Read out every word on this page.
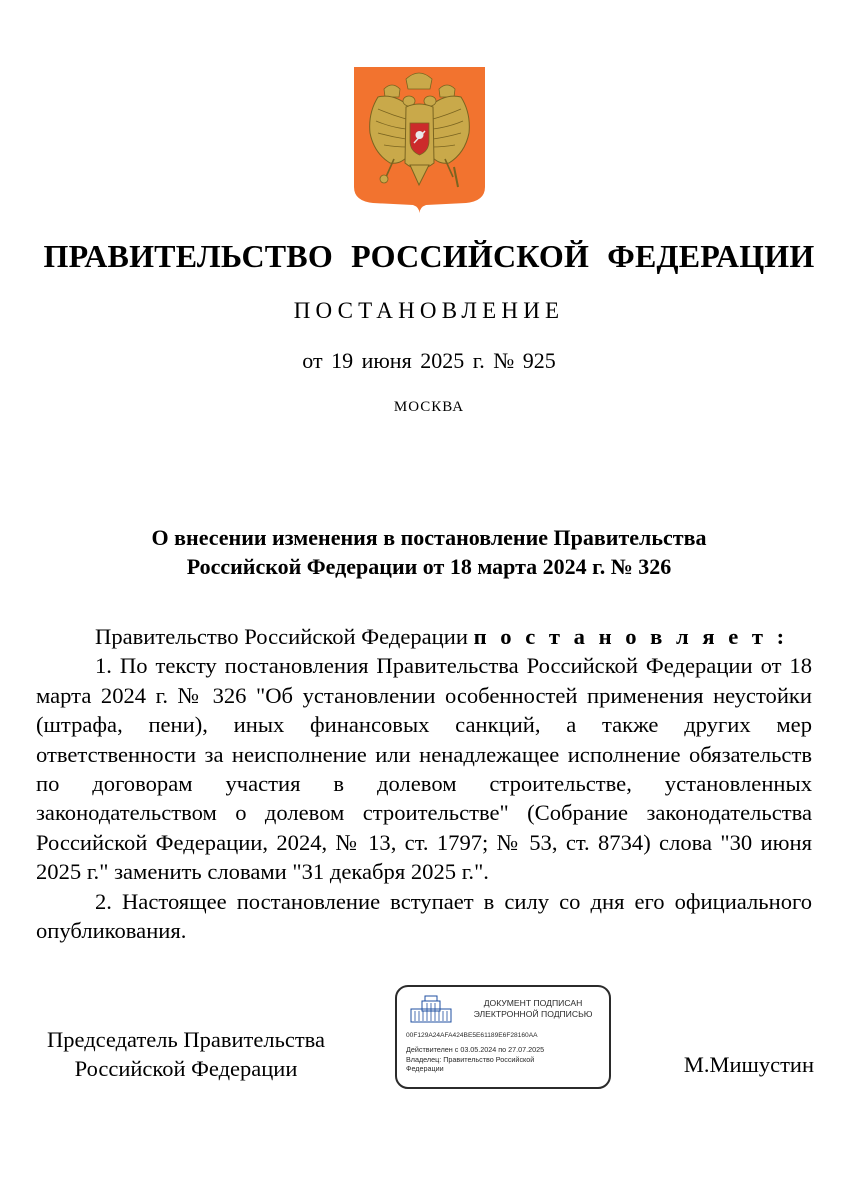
ПРАВИТЕЛЬСТВО РОССИЙСКОЙ ФЕДЕРАЦИИ
ПОСТАНОВЛЕНИЕ
от 19 июня 2025 г. № 925
МОСКВА
О внесении изменения в постановление Правительства
Российской Федерации от 18 марта 2024 г. № 326

Правительство Российской Федерации п о с т а н о в л я е т :

1. По тексту постановления Правительства Российской Федерации от 18 марта 2024 г. № 326 "Об установлении особенностей применения неустойки (штрафа, пени), иных финансовых санкций, а также других мер ответственности за неисполнение или ненадлежащее исполнение обязательств по договорам участия в долевом строительстве, установленных законодательством о долевом строительстве" (Собрание законодательства Российской Федерации, 2024, № 13, ст. 1797; № 53, ст. 8734) слова "30 июня 2025 г." заменить словами "31 декабря 2025 г.".

2. Настоящее постановление вступает в силу со дня его официального опубликования.

Председатель Правительства
Российской Федерации
ДОКУМЕНТ ПОДПИСАН
ЭЛЕКТРОННОЙ ПОДПИСЬЮ
00F129A24AFA424BE5E61189E6F28160AA
Действителен с 03.05.2024 по 27.07.2025
Владелец: Правительство Российской
Федерации	М.Мишустин
